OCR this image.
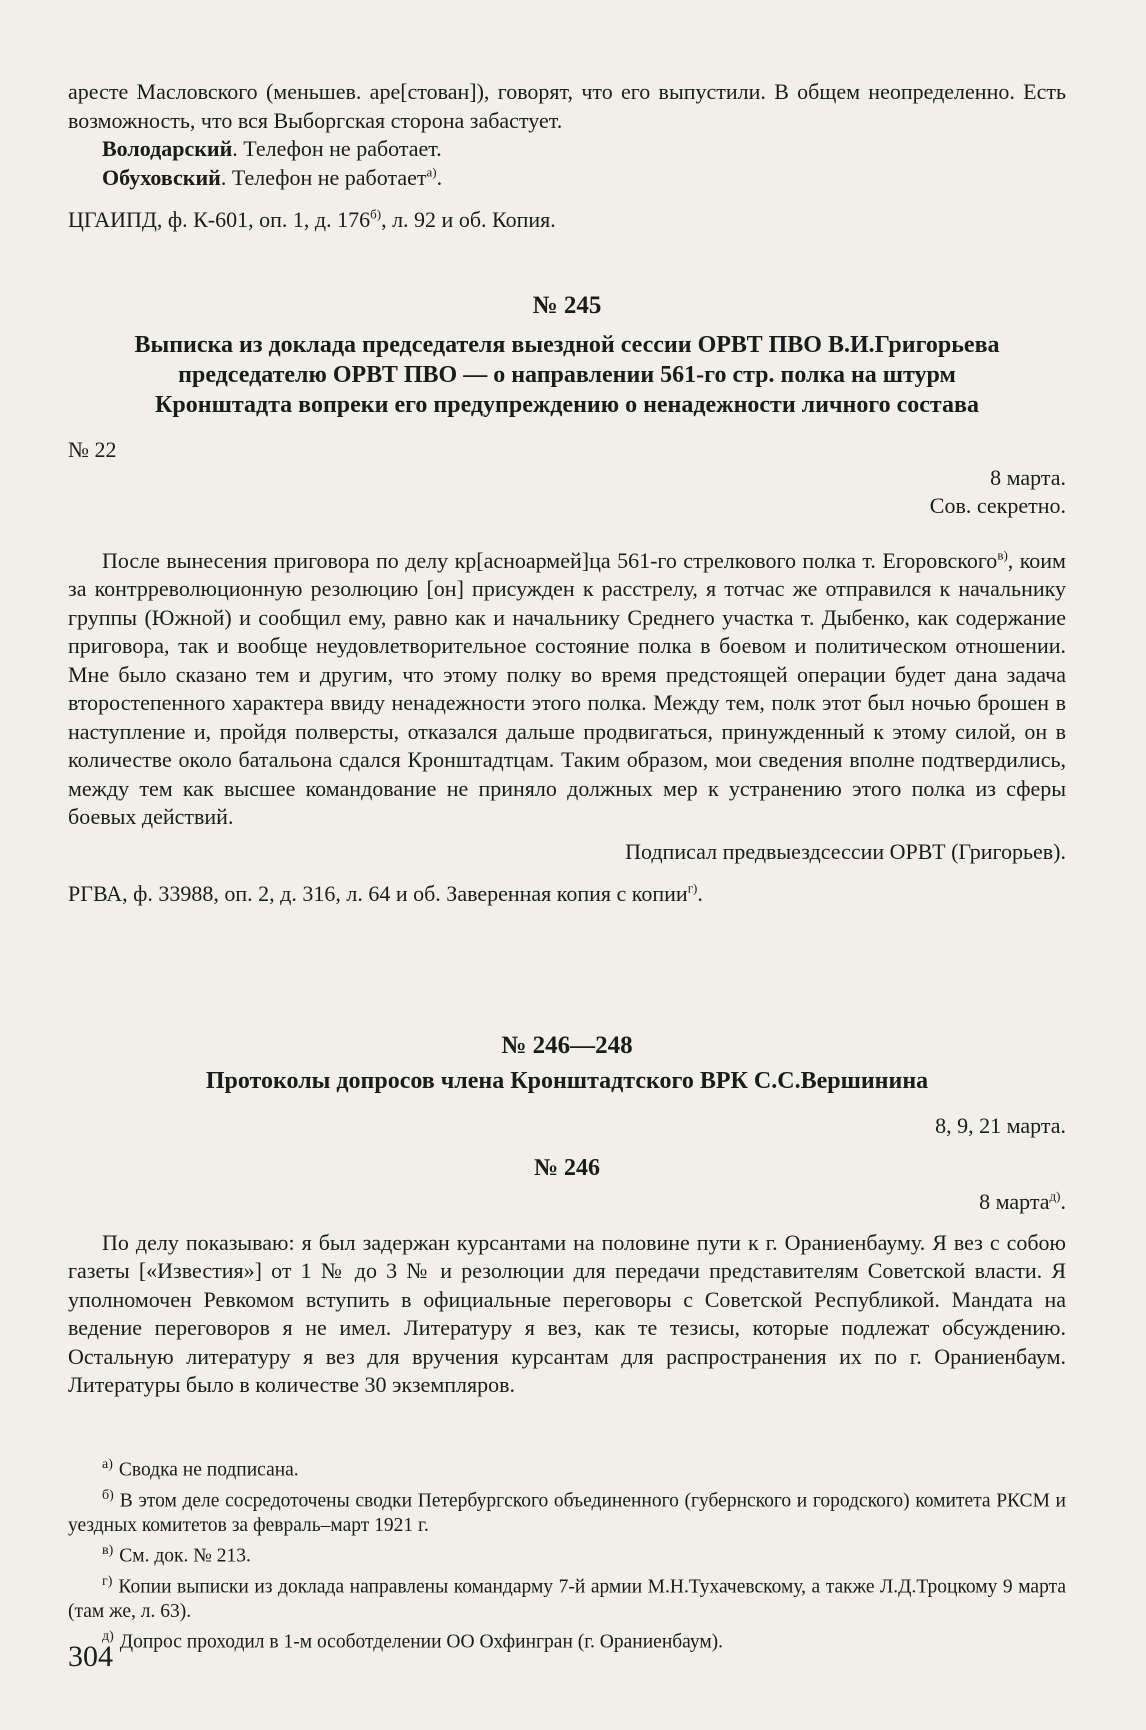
аресте Масловского (меньшев. аре[стован]), говорят, что его выпустили. В общем неопределенно. Есть возможность, что вся Выборгская сторона забастует.

Володарский. Телефон не работает.

Обуховский. Телефон не работает$^{а)}$.

ЦГАИПД, ф. К-601, оп. 1, д. $176^{б)}$, л. 92 и об. Копия.

№ 245

Выписка из доклада председателя выездной сессии ОРВТ ПВО В.И.Григорьева председателю ОРВТ ПВО — о направлении 561-го стр. полка на штурм Кронштадта вопреки его предупреждению о ненадежности личного состава

№ 22

8 марта.

Сов. секретно.

После вынесения приговора по делу кр[асноармей]ца 561-го стрелкового полка т. Егоровского$^{в)}$, коим за контрреволюционную резолюцию [он] присужден к расстрелу, я тотчас же отправился к начальнику группы (Южной) и сообщил ему, равно как и начальнику Среднего участка т. Дыбенко, как содержание приговора, так и вообще неудовлетворительное состояние полка в боевом и политическом отношении. Мне было сказано тем и другим, что этому полку во время предстоящей операции будет дана задача второстепенного характера ввиду ненадежности этого полка. Между тем, полк этот был ночью брошен в наступление и, пройдя полверсты, отказался дальше продвигаться, принужденный к этому силой, он в количестве около батальона сдался Кронштадтцам. Таким образом, мои сведения вполне подтвердились, между тем как высшее командование не приняло должных мер к устранению этого полка из сферы боевых действий.

Подписал предвыездсессии ОРВТ (Григорьев).

РГВА, ф. 33988, оп. 2, д. 316, л. 64 и об. Заверенная копия с копии$^{г)}$.

№ 246—248

Протоколы допросов члена Кронштадтского ВРК С.С.Вершинина

8, 9, 21 марта.

№ 246

8 марта$^{д)}$.

По делу показываю: я был задержан курсантами на половине пути к г. Ораниенбауму. Я вез с собою газеты [«Известия»] от 1 № до 3 № и резолюции для передачи представителям Советской власти. Я уполномочен Ревкомом вступить в официальные переговоры с Советской Республикой. Мандата на ведение переговоров я не имел. Литературу я вез, как те тезисы, которые подлежат обсуждению. Остальную литературу я вез для вручения курсантам для распространения их по г. Ораниенбаум. Литературы было в количестве 30 экземпляров.

$^{а)}$ Сводка не подписана.

$^{б)}$ В этом деле сосредоточены сводки Петербургского объединенного (губернского и городского) комитета РКСМ и уездных комитетов за февраль–март 1921 г.

$^{в)}$ См. док. № 213.

$^{г)}$ Копии выписки из доклада направлены командарму 7-й армии М.Н.Тухачевскому, а также Л.Д.Троцкому 9 марта (там же, л. 63).

$^{д)}$ Допрос проходил в 1-м особотделении ОО Охфингран (г. Ораниенбаум).

304
